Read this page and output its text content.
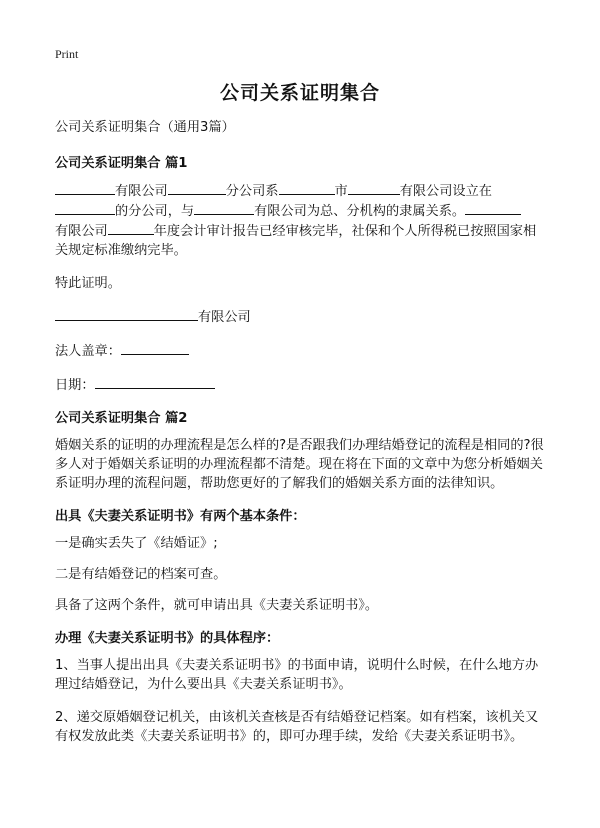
Print
公司关系证明集合

公司关系证明集合（通用3篇）

公司关系证明集合 篇1

有限公司	分公司系	市	有限公司设立在
的分公司，与	有限公司为总、分机构的隶属关系。
有限公司	年度会计审计报告已经审核完毕，社保和个人所得税已按照国家相关规定标准缴纳完毕。

特此证明。

有限公司

法人盖章：

日期：

公司关系证明集合 篇2

婚姻关系的证明的办理流程是怎么样的?是否跟我们办理结婚登记的流程是相同的?很多人对于婚姻关系证明的办理流程都不清楚。现在将在下面的文章中为您分析婚姻关系证明办理的流程问题，帮助您更好的了解我们的婚姻关系方面的法律知识。

出具《夫妻关系证明书》有两个基本条件：

一是确实丢失了《结婚证》;

二是有结婚登记的档案可查。

具备了这两个条件，就可申请出具《夫妻关系证明书》。

办理《夫妻关系证明书》的具体程序：

1、当事人提出出具《夫妻关系证明书》的书面申请，说明什么时候，在什么地方办理过结婚登记，为什么要出具《夫妻关系证明书》。

2、递交原婚姻登记机关，由该机关查核是否有结婚登记档案。如有档案，该机关又有权发放此类《夫妻关系证明书》的，即可办理手续，发给《夫妻关系证明书》。
